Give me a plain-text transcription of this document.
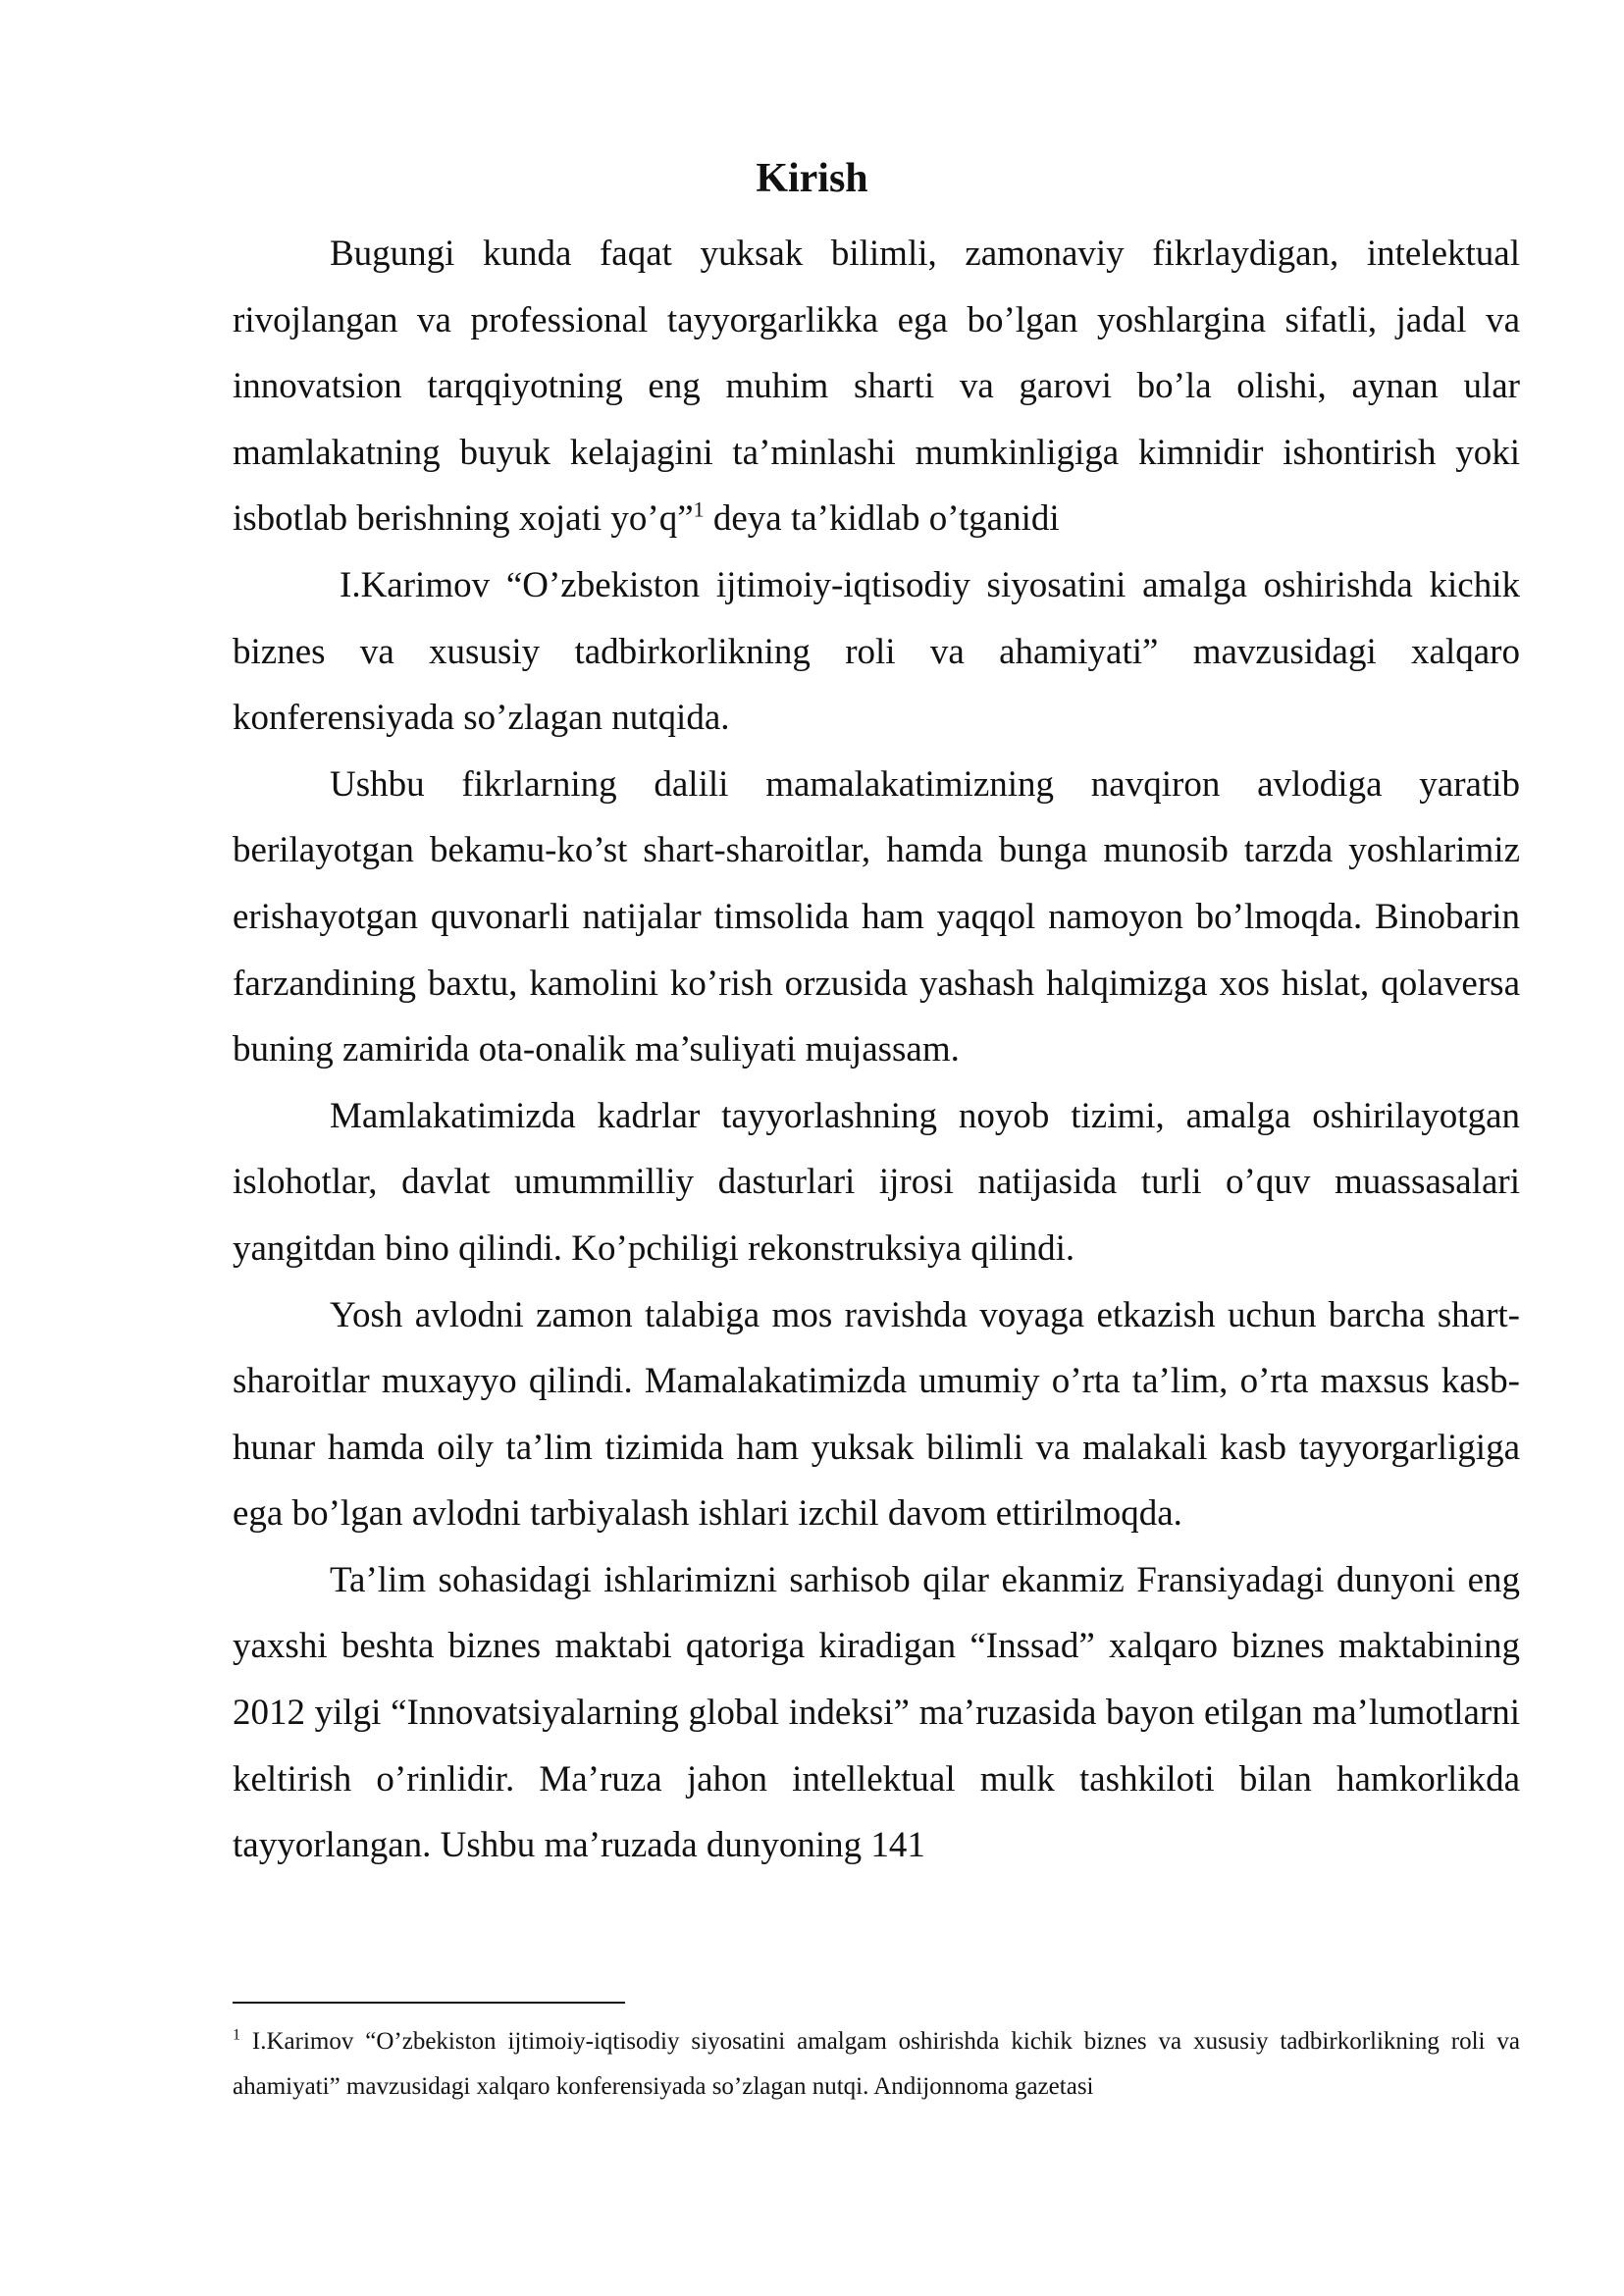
Kirish

Bugungi kunda faqat yuksak bilimli, zamonaviy fikrlaydigan, intelektual rivojlangan va professional tayyorgarlikka ega bo’lgan yoshlargina sifatli, jadal va innovatsion tarqqiyotning eng muhim sharti va garovi bo’la olishi, aynan ular mamlakatning buyuk kelajagini ta’minlashi mumkinligiga kimnidir ishontirish yoki isbotlab berishning xojati yo’q”$^1$ deya ta’kidlab o’tganidi

I.Karimov “O’zbekiston ijtimoiy-iqtisodiy siyosatini amalga oshirishda kichik biznes va xususiy tadbirkorlikning roli va ahamiyati” mavzusidagi xalqaro konferensiyada so’zlagan nutqida.

Ushbu fikrlarning dalili mamalakatimizning navqiron avlodiga yaratib berilayotgan bekamu-ko’st shart-sharoitlar, hamda bunga munosib tarzda yoshlarimiz erishayotgan quvonarli natijalar timsolida ham yaqqol namoyon bo’lmoqda. Binobarin farzandining baxtu, kamolini ko’rish orzusida yashash halqimizga xos hislat, qolaversa buning zamirida ota-onalik ma’suliyati mujassam.

Mamlakatimizda kadrlar tayyorlashning noyob tizimi, amalga oshirilayotgan islohotlar, davlat umummilliy dasturlari ijrosi natijasida turli o’quv muassasalari yangitdan bino qilindi. Ko’pchiligi rekonstruksiya qilindi.

Yosh avlodni zamon talabiga mos ravishda voyaga etkazish uchun barcha shart-sharoitlar muxayyo qilindi. Mamalakatimizda umumiy o’rta ta’lim, o’rta maxsus kasb-hunar hamda oily ta’lim tizimida ham yuksak bilimli va malakali kasb tayyorgarligiga ega bo’lgan avlodni tarbiyalash ishlari izchil davom ettirilmoqda.

Ta’lim sohasidagi ishlarimizni sarhisob qilar ekanmiz Fransiyadagi dunyoni eng yaxshi beshta biznes maktabi qatoriga kiradigan “Inssad” xalqaro biznes maktabining 2012 yilgi “Innovatsiyalarning global indeksi” ma’ruzasida bayon etilgan ma’lumotlarni keltirish o’rinlidir. Ma’ruza jahon intellektual mulk tashkiloti bilan hamkorlikda tayyorlangan. Ushbu ma’ruzada dunyoning 141

$^1$ I.Karimov “O’zbekiston ijtimoiy-iqtisodiy siyosatini amalgam oshirishda kichik biznes va xususiy tadbirkorlikning roli va ahamiyati” mavzusidagi xalqaro konferensiyada so’zlagan nutqi. Andijonnoma gazetasi
